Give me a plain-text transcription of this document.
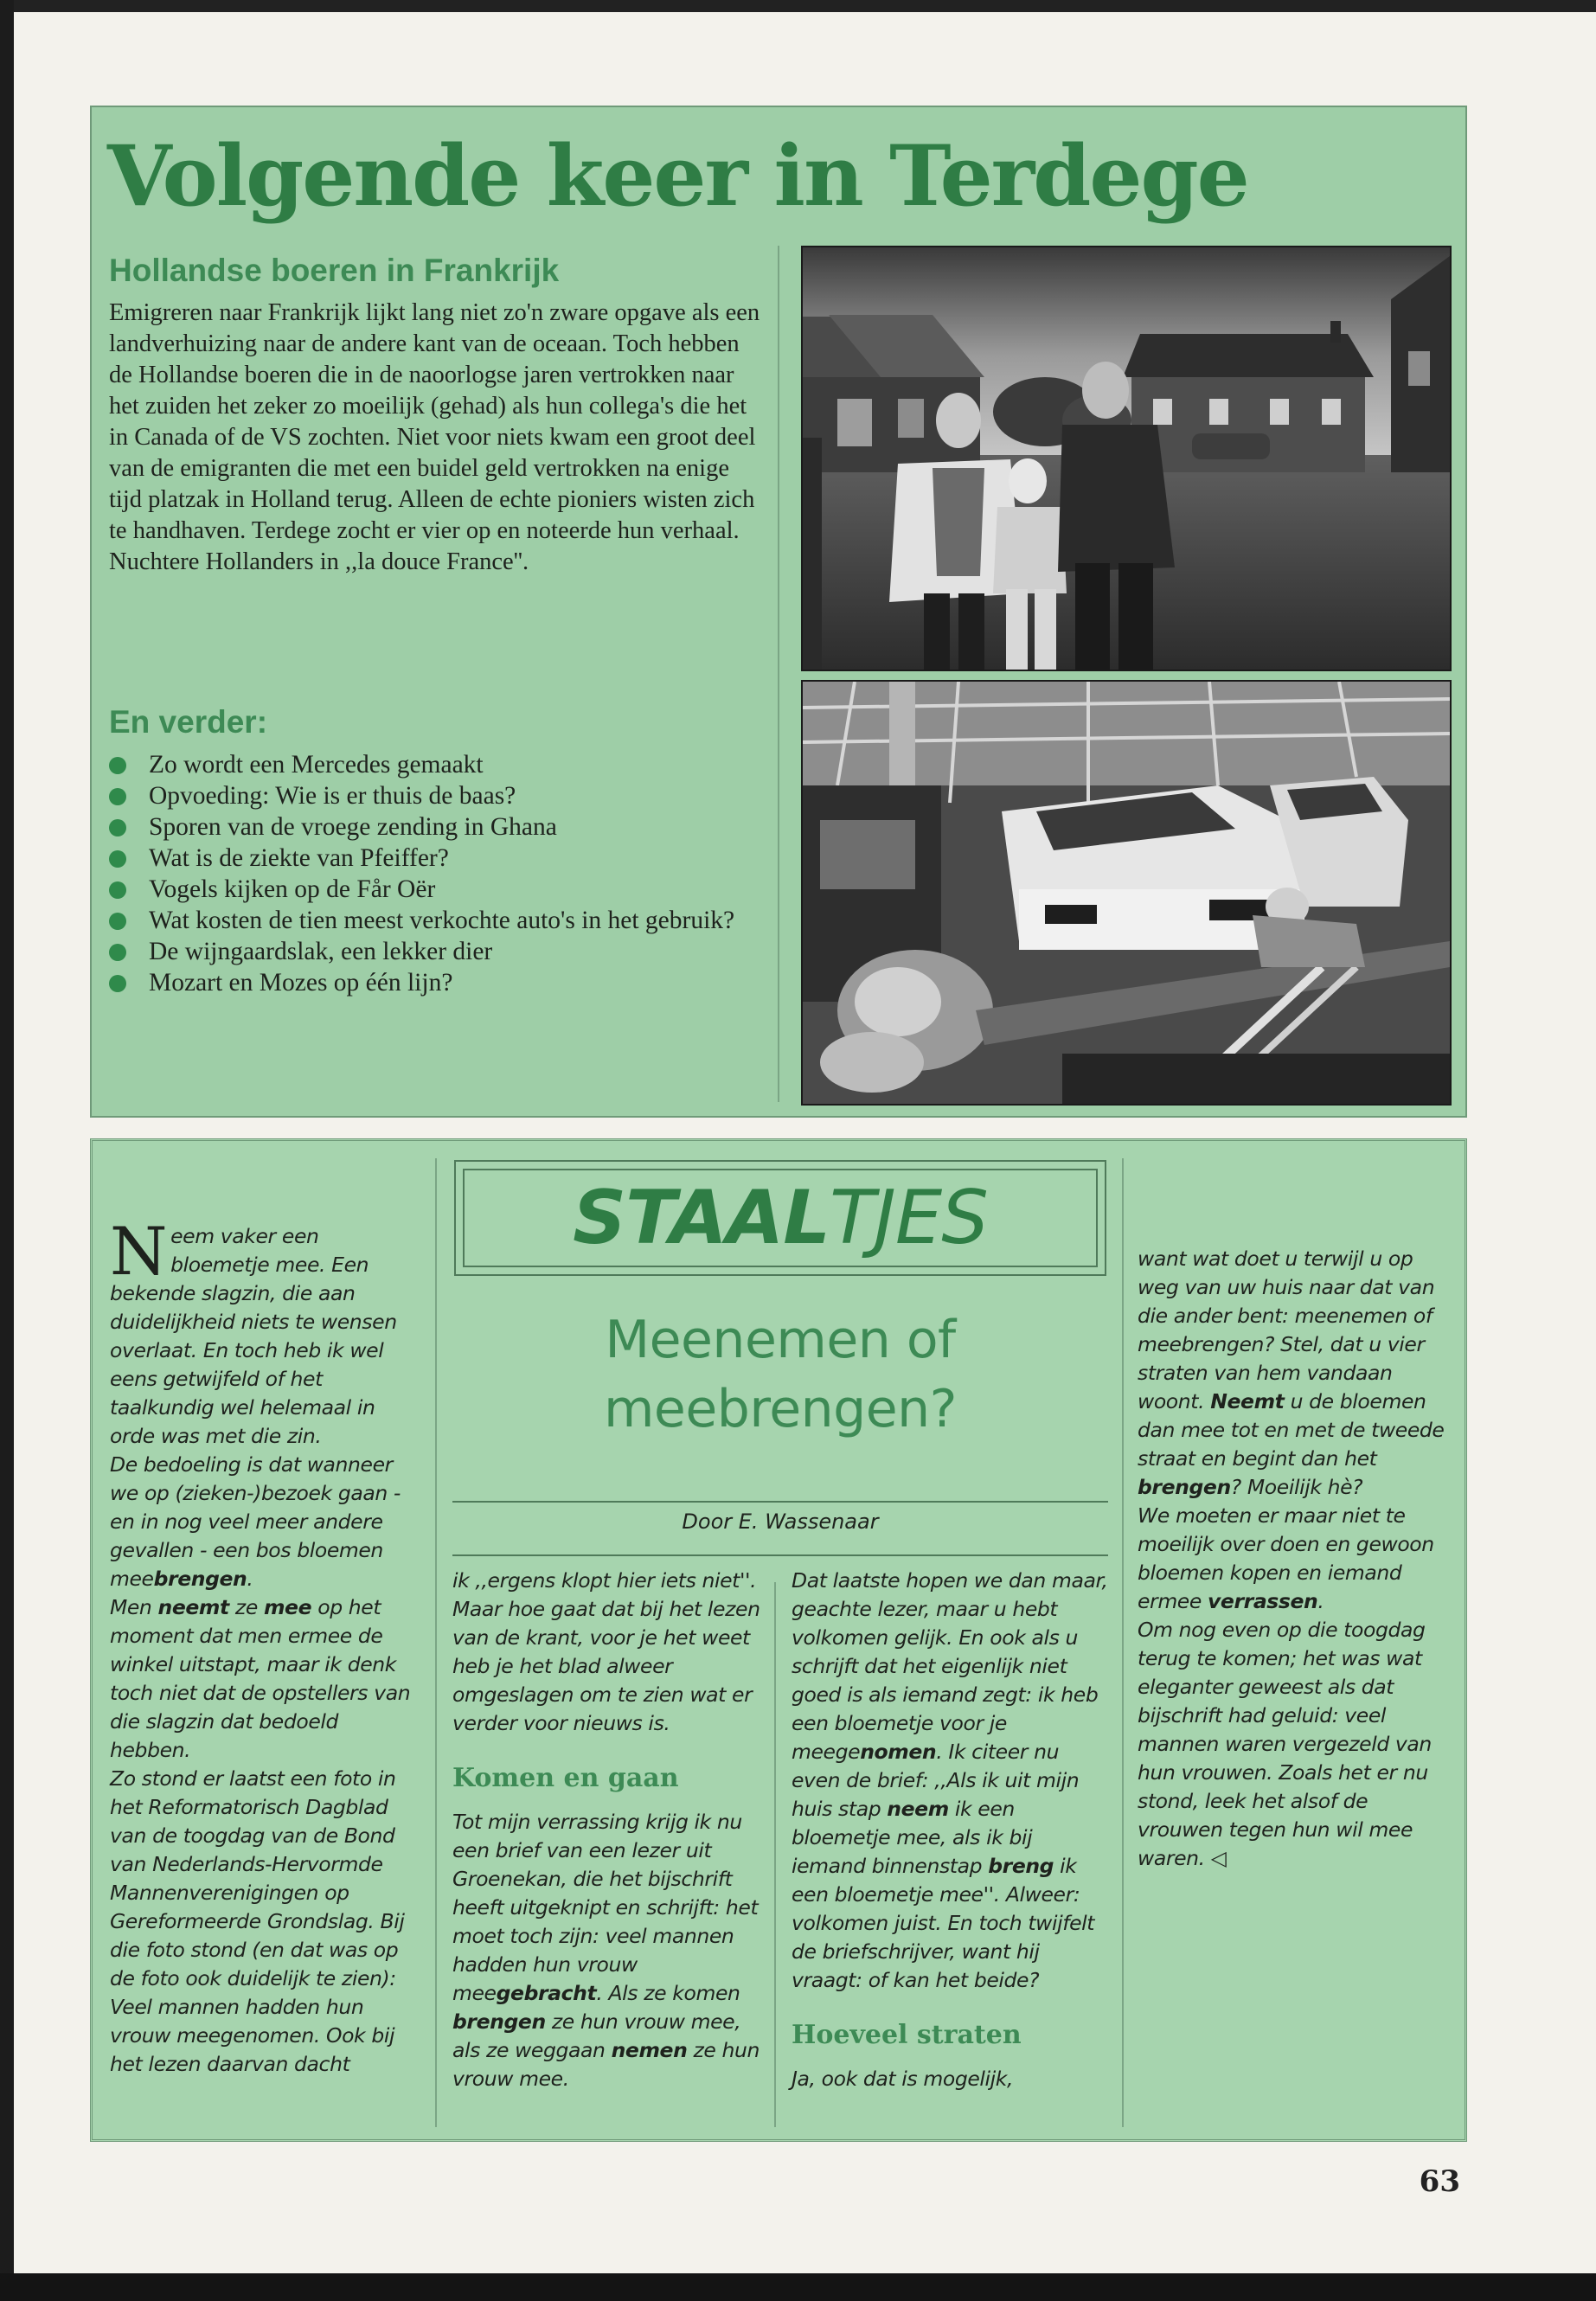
Volgende keer in Terdege
Hollandse boeren in Frankrijk

Emigreren naar Frankrijk lijkt lang niet zo'n zware opgave als een landverhuizing naar de andere kant van de oceaan. Toch hebben de Hollandse boeren die in de naoorlogse jaren vertrokken naar het zuiden het zeker zo moeilijk (gehad) als hun collega's die het in Canada of de VS zochten. Niet voor niets kwam een groot deel van de emigranten die met een buidel geld vertrokken na enige tijd platzak in Holland terug. Alleen de echte pioniers wisten zich te handhaven. Terdege zocht er vier op en noteerde hun verhaal. Nuchtere Hollanders in ,,la douce France''.

En verder:
Zo wordt een Mercedes gemaakt
Opvoeding: Wie is er thuis de baas?
Sporen van de vroege zending in Ghana
Wat is de ziekte van Pfeiffer?
Vogels kijken op de Får Oër
Wat kosten de tien meest verkochte auto's in het gebruik?
De wijngaardslak, een lekker dier
Mozart en Mozes op één lijn?
N eem vaker een bloemetje mee. Een bekende slagzin, die aan duidelijkheid niets te wensen overlaat. En toch heb ik wel eens getwijfeld of het taalkundig wel helemaal in orde was met die zin.

De bedoeling is dat wanneer we op (zieken-)bezoek gaan - en in nog veel meer andere gevallen - een bos bloemen meebrengen.

Men neemt ze mee op het moment dat men ermee de winkel uitstapt, maar ik denk toch niet dat de opstellers van die slagzin dat bedoeld hebben.

Zo stond er laatst een foto in het Reformatorisch Dagblad van de toogdag van de Bond van Nederlands-Hervormde Mannenverenigingen op Gereformeerde Grondslag. Bij die foto stond (en dat was op de foto ook duidelijk te zien): Veel mannen hadden hun vrouw meegenomen. Ook bij het lezen daarvan dacht

STAAL TJES
Meenemen of
meebrengen?
Door E. Wassenaar

ik ,,ergens klopt hier iets niet''. Maar hoe gaat dat bij het lezen van de krant, voor je het weet heb je het blad alweer omgeslagen om te zien wat er verder voor nieuws is.

Komen en gaan

Tot mijn verrassing krijg ik nu een brief van een lezer uit Groenekan, die het bijschrift heeft uitgeknipt en schrijft: het moet toch zijn: veel mannen hadden hun vrouw meegebracht. Als ze komen brengen ze hun vrouw mee, als ze weggaan nemen ze hun vrouw mee.

Dat laatste hopen we dan maar, geachte lezer, maar u hebt volkomen gelijk. En ook als u schrijft dat het eigenlijk niet goed is als iemand zegt: ik heb een bloemetje voor je meegenomen. Ik citeer nu even de brief: ,,Als ik uit mijn huis stap neem ik een bloemetje mee, als ik bij iemand binnenstap breng ik een bloemetje mee''. Alweer: volkomen juist. En toch twijfelt de briefschrijver, want hij vraagt: of kan het beide?

Hoeveel straten

Ja, ook dat is mogelijk,

want wat doet u terwijl u op weg van uw huis naar dat van die ander bent: meenemen of meebrengen? Stel, dat u vier straten van hem vandaan woont. Neemt u de bloemen dan mee tot en met de tweede straat en begint dan het brengen? Moeilijk hè?

We moeten er maar niet te moeilijk over doen en gewoon bloemen kopen en iemand ermee verrassen.

Om nog even op die toogdag terug te komen; het was wat eleganter geweest als dat bijschrift had geluid: veel mannen waren vergezeld van hun vrouwen. Zoals het er nu stond, leek het alsof de vrouwen tegen hun wil mee waren. ◁

63
